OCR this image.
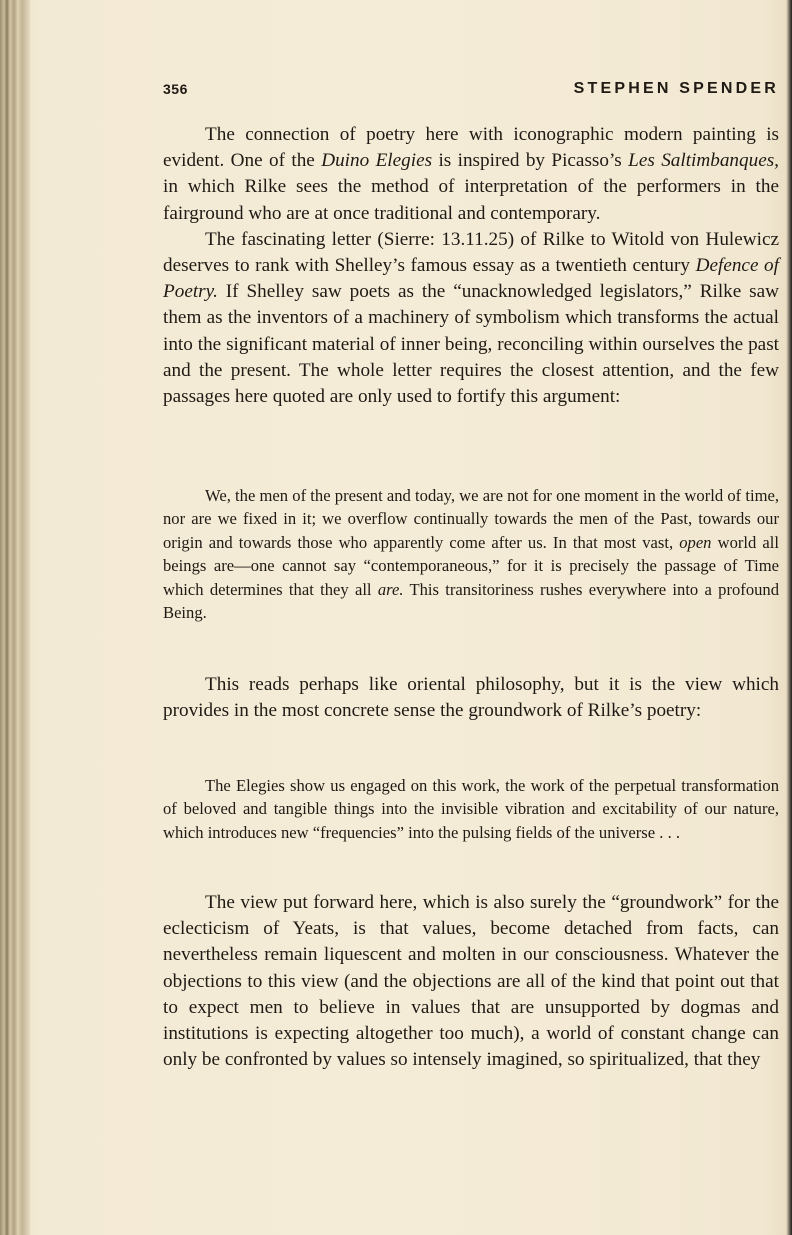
356	STEPHEN SPENDER

The connection of poetry here with iconographic modern painting is evident. One of the Duino Elegies is inspired by Picasso’s Les Saltimbanques, in which Rilke sees the method of interpretation of the performers in the fairground who are at once traditional and contemporary.

The fascinating letter (Sierre: 13.11.25) of Rilke to Witold von Hulewicz deserves to rank with Shelley’s famous essay as a twentieth century Defence of Poetry. If Shelley saw poets as the “unacknowledged legislators,” Rilke saw them as the inventors of a machinery of symbolism which transforms the actual into the significant material of inner being, reconciling within ourselves the past and the present. The whole letter requires the closest attention, and the few passages here quoted are only used to fortify this argument:

We, the men of the present and today, we are not for one moment in the world of time, nor are we fixed in it; we overflow continually towards the men of the Past, towards our origin and towards those who apparently come after us. In that most vast, open world all beings are—one cannot say “contemporaneous,” for it is precisely the passage of Time which determines that they all are. This transitoriness rushes everywhere into a profound Being.

This reads perhaps like oriental philosophy, but it is the view which provides in the most concrete sense the groundwork of Rilke’s poetry:

The Elegies show us engaged on this work, the work of the perpetual transformation of beloved and tangible things into the invisible vibration and excitability of our nature, which introduces new “frequencies” into the pulsing fields of the universe . . .

The view put forward here, which is also surely the “groundwork” for the eclecticism of Yeats, is that values, become detached from facts, can nevertheless remain liquescent and molten in our consciousness. Whatever the objections to this view (and the objections are all of the kind that point out that to expect men to believe in values that are unsupported by dogmas and institutions is expecting altogether too much), a world of constant change can only be confronted by values so intensely imagined, so spiritualized, that they
